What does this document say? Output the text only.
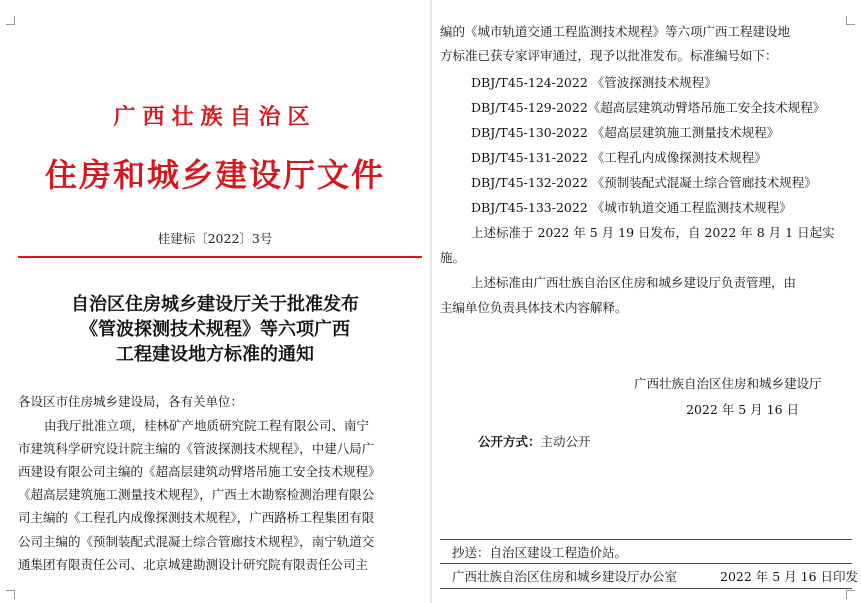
广西壮族自治区
住房和城乡建设厅文件
桂建标〔2022〕3号
自治区住房城乡建设厅关于批准发布
《管波探测技术规程》等六项广西
工程建设地方标准的通知
各设区市住房城乡建设局，各有关单位：
由我厅批准立项，桂林矿产地质研究院工程有限公司、南宁
市建筑科学研究设计院主编的《管波探测技术规程》，中建八局广
西建设有限公司主编的《超高层建筑动臂塔吊施工安全技术规程》
《超高层建筑施工测量技术规程》，广西土木勘察检测治理有限公
司主编的《工程孔内成像探测技术规程》，广西路桥工程集团有限
公司主编的《预制装配式混凝土综合管廊技术规程》，南宁轨道交
通集团有限责任公司、北京城建勘测设计研究院有限责任公司主
编的《城市轨道交通工程监测技术规程》等六项广西工程建设地
方标准已获专家评审通过，现予以批准发布。标准编号如下：
DBJ/T45-124-2022 《管波探测技术规程》
DBJ/T45-129-2022《超高层建筑动臂塔吊施工安全技术规程》
DBJ/T45-130-2022 《超高层建筑施工测量技术规程》
DBJ/T45-131-2022 《工程孔内成像探测技术规程》
DBJ/T45-132-2022 《预制装配式混凝土综合管廊技术规程》
DBJ/T45-133-2022 《城市轨道交通工程监测技术规程》
上述标准于 2022 年 5 月 19 日发布，自 2022 年 8 月 1 日起实
施。
上述标准由广西壮族自治区住房和城乡建设厅负责管理，由
主编单位负责具体技术内容解释。
广西壮族自治区住房和城乡建设厅
2022 年 5 月 16 日
公开方式：主动公开
抄送：自治区建设工程造价站。
广西壮族自治区住房和城乡建设厅办公室	2022 年 5 月 16 日印发
